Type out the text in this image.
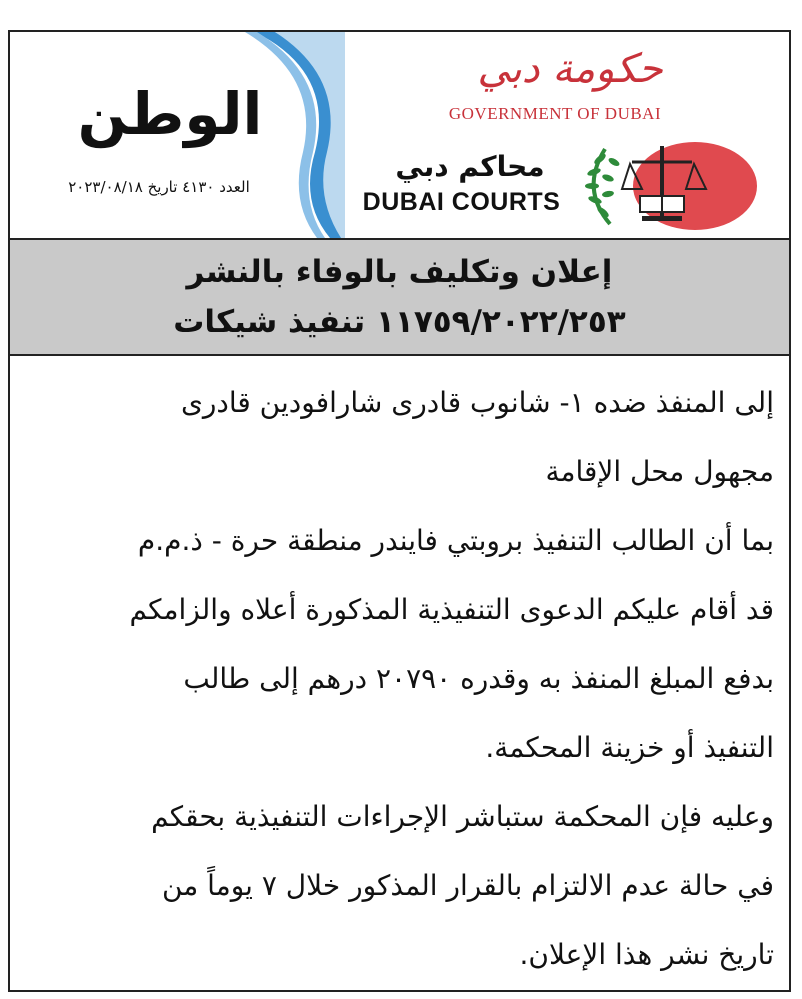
حكومة دبي
GOVERNMENT OF DUBAI
محاكم دبي
DUBAI COURTS
الوطن
العدد ٤١٣٠ تاريخ ٢٠٢٣/٠٨/١٨
إعلان وتكليف بالوفاء بالنشر
١١٧٥٩/٢٠٢٢/٢٥٣ تنفيذ شيكات

إلى المنفذ ضده ١- شانوب قادرى شارافودين قادرى

مجهول محل الإقامة

بما أن الطالب التنفيذ بروبتي فايندر منطقة حرة - ذ.م.م

قد أقام عليكم الدعوى التنفيذية المذكورة أعلاه والزامكم

بدفع المبلغ المنفذ به وقدره ٢٠٧٩٠ درهم إلى طالب

التنفيذ أو خزينة المحكمة.

وعليه فإن المحكمة ستباشر الإجراءات التنفيذية بحقكم

في حالة عدم الالتزام بالقرار المذكور خلال ٧ يوماً من

تاريخ نشر هذا الإعلان.
